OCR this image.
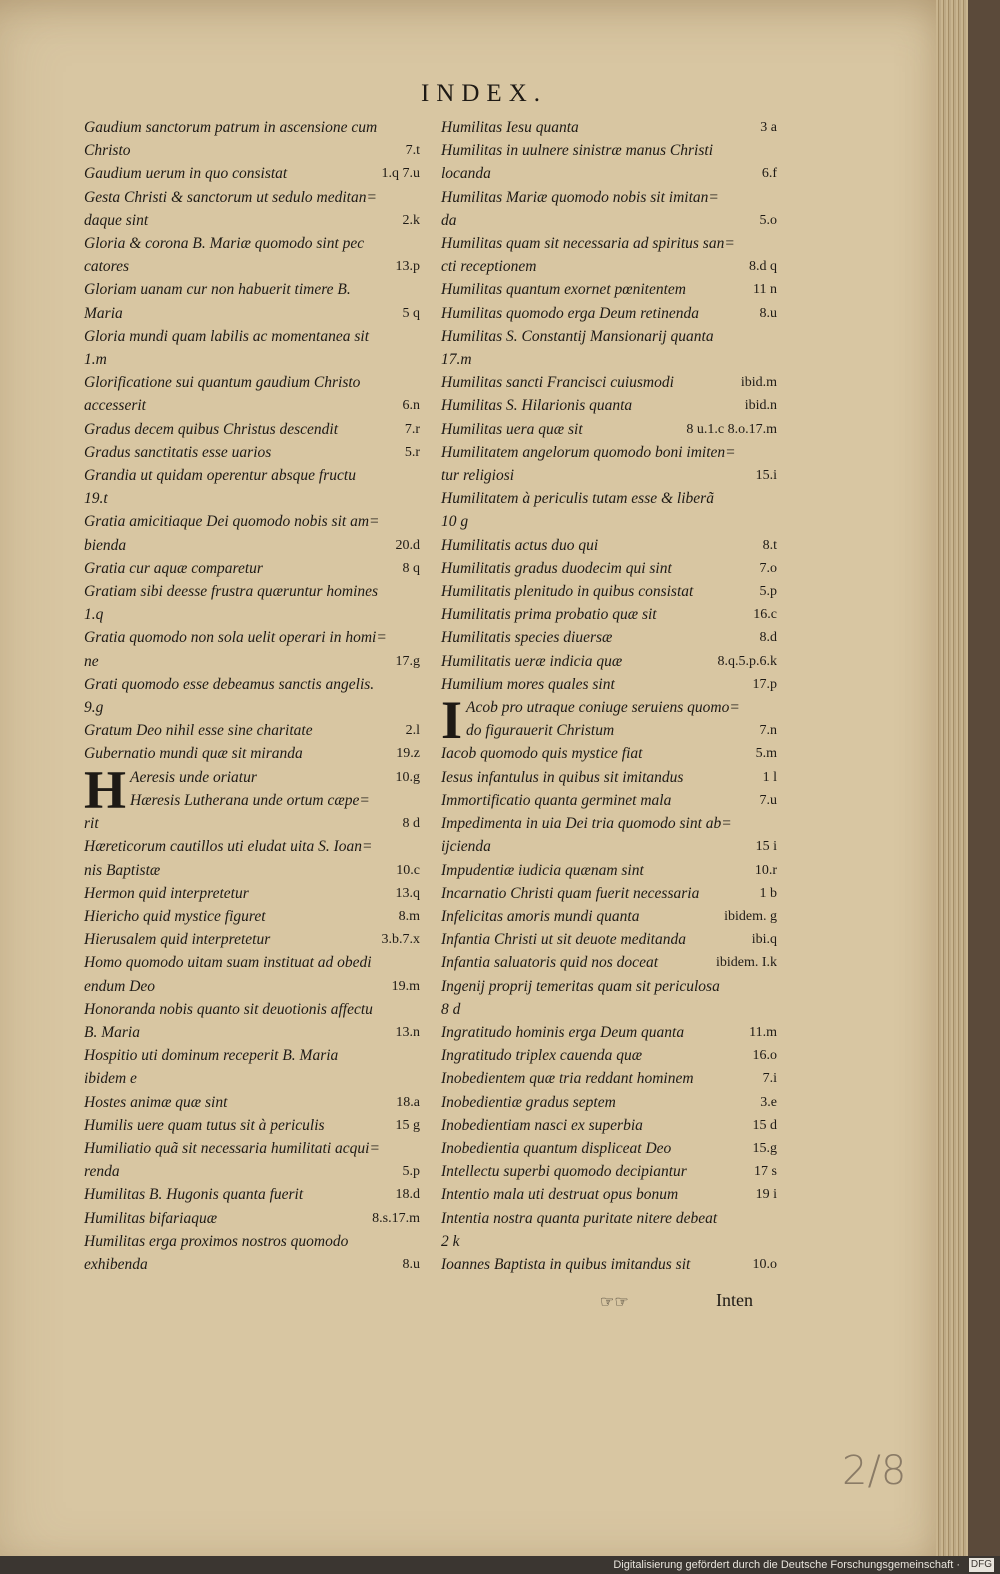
INDEX.
Gaudium sanctorum patrum in ascensione cum
7.t
Christo
1.q 7.u
Gaudium uerum in quo consistat
Gesta Christi & sanctorum ut sedulo meditan=
2.k
daque sint
Gloria & corona B. Mariæ quomodo sint pec
13.p
catores
Gloriam uanam cur non habuerit timere B.
5 q
Maria
Gloria mundi quam labilis ac momentanea sit
1.m
Glorificatione sui quantum gaudium Christo
6.n
accesserit
7.r
Gradus decem quibus Christus descendit
5.r
Gradus sanctitatis esse uarios
Grandia ut quidam operentur absque fructu
19.t
Gratia amicitiaque Dei quomodo nobis sit am=
20.d
bienda
8 q
Gratia cur aquæ comparetur
Gratiam sibi deesse frustra quæruntur homines
1.q
Gratia quomodo non sola uelit operari in homi=
17.g
ne
Grati quomodo esse debeamus sanctis angelis.
9.g
2.l
Gratum Deo nihil esse sine charitate
19.z
Gubernatio mundi quæ sit miranda
10.g
H Aeresis unde oriatur
Hæresis Lutherana unde ortum cæpe=
8 d
rit
Hæreticorum cautillos uti eludat uita S. Ioan=
10.c
nis Baptistæ
13.q
Hermon quid interpretetur
8.m
Hiericho quid mystice figuret
3.b.7.x
Hierusalem quid interpretetur
Homo quomodo uitam suam instituat ad obedi
19.m
endum Deo
Honoranda nobis quanto sit deuotionis affectu
13.n
B. Maria
Hospitio uti dominum receperit B. Maria
ibidem e
18.a
Hostes animæ quæ sint
15 g
Humilis uere quam tutus sit à periculis
Humiliatio quã sit necessaria humilitati acqui=
5.p
renda
18.d
Humilitas B. Hugonis quanta fuerit
8.s.17.m
Humilitas bifariaquæ
Humilitas erga proximos nostros quomodo
8.u
exhibenda
3 a
Humilitas Iesu quanta
Humilitas in uulnere sinistræ manus Christi
6.f
locanda
Humilitas Mariæ quomodo nobis sit imitan=
5.o
da
Humilitas quam sit necessaria ad spiritus san=
8.d q
cti receptionem
11 n
Humilitas quantum exornet pœnitentem
8.u
Humilitas quomodo erga Deum retinenda
Humilitas S. Constantij Mansionarij quanta
17.m
ibid.m
Humilitas sancti Francisci cuiusmodi
ibid.n
Humilitas S. Hilarionis quanta
8 u.1.c 8.o.17.m
Humilitas uera quæ sit
Humilitatem angelorum quomodo boni imiten=
15.i
tur religiosi
Humilitatem à periculis tutam esse & liberã
10 g
8.t
Humilitatis actus duo qui
7.o
Humilitatis gradus duodecim qui sint
5.p
Humilitatis plenitudo in quibus consistat
16.c
Humilitatis prima probatio quæ sit
8.d
Humilitatis species diuersæ
8.q.5.p.6.k
Humilitatis ueræ indicia quæ
17.p
Humilium mores quales sint
I Acob pro utraque coniuge seruiens quomo=
7.n
do figurauerit Christum
5.m
Iacob quomodo quis mystice fiat
1 l
Iesus infantulus in quibus sit imitandus
7.u
Immortificatio quanta germinet mala
Impedimenta in uia Dei tria quomodo sint ab=
15 i
ijcienda
10.r
Impudentiæ iudicia quænam sint
1 b
Incarnatio Christi quam fuerit necessaria
ibidem. g
Infelicitas amoris mundi quanta
ibi.q
Infantia Christi ut sit deuote meditanda
ibidem. I.k
Infantia saluatoris quid nos doceat
Ingenij proprij temeritas quam sit periculosa
8 d
11.m
Ingratitudo hominis erga Deum quanta
16.o
Ingratitudo triplex cauenda quæ
7.i
Inobedientem quæ tria reddant hominem
3.e
Inobedientiæ gradus septem
15 d
Inobedientiam nasci ex superbia
15.g
Inobedientia quantum displiceat Deo
17 s
Intellectu superbi quomodo decipiantur
19 i
Intentio mala uti destruat opus bonum
Intentia nostra quanta puritate nitere debeat
2 k
10.o
Ioannes Baptista in quibus imitandus sit
☞☞	Inten
2/8
Digitalisierung gefördert durch die Deutsche Forschungsgemeinschaft · DFG
